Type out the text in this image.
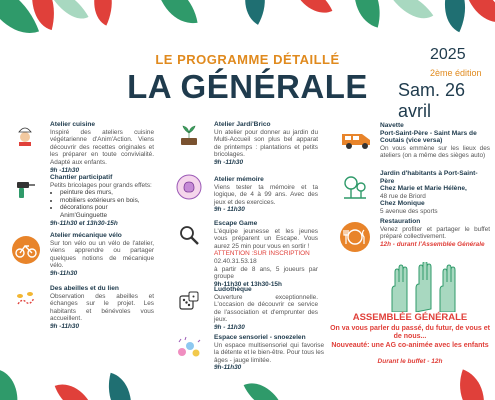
LE PROGRAMME DÉTAILLÉ
LA GÉNÉRALE
2025
2ème édition
Sam. 26 avril
Atelier cuisine
Inspiré des ateliers cuisine végétarienne d'Anim'Action. Viens découvrir des recettes originales et les préparer en toute convivialité. Adapté aux enfants.
9h -11h30
Chantier participatif
Petits bricolages pour grands effets:
• peinture des murs,
• mobiliers extérieurs en bois,
• décorations pour Anim'Guinguette
9h-11h30 et 13h30-15h
Atelier mécanique vélo
Sur ton vélo ou un vélo de l'atelier, viens apprendre ou partager quelques notions de mécanique vélo.
9h-11h30
Des abeilles et du lien
Observation des abeilles et échanges sur le projet. Les habitants et bénévoles vous accueillent.
9h -11h30
Atelier Jardi'Brico
Un atelier pour donner au jardin du Multi-Accueil son plus bel apparat de printemps : plantations et petits bricolages.
9h -11h30
Atelier mémoire
Viens tester ta mémoire et ta logique, de 4 à 99 ans. Avec des jeux et des exercices.
9h - 11h30
Escape Game
L'équipe jeunesse et les jeunes vous préparent un Escape. Vous aurez 25 min pour vous en sortir !
ATTENTION :SUR INSCRIPTION
02.40.31.53.18
à partir de 8 ans, 5 joueurs par groupe
9h-11h30 et 13h30-15h
Ludothèque
Ouverture exceptionnelle. L'occasion de découvrir ce service de l'association et d'emprunter des jeux.
9h - 11h30
Espace sensoriel - snoezelen
Un espace multisensoriel qui favorise la détente et le bien-être. Pour tous les âges - jauge limitée.
9h-11h30
Navette
Port-Saint-Père - Saint Mars de Coutais (vice versa)
On vous emmène sur les lieux des ateliers (on a même des sièges auto)
Jardin d'habitants à Port-Saint-Père
Chez Marie et Marie Hélène,
48 rue de Briord
Chez Monique
5 avenue des sports
Restauration
Venez profiter et partager le buffet préparé collectivement.
12h - durant l'Assemblée Générale
ASSEMBLÉE GÉNÉRALE
On va vous parler du passé, du futur, de vous et de nous...
Nouveauté: une AG co-animée avec les enfants
Durant le buffet - 12h
